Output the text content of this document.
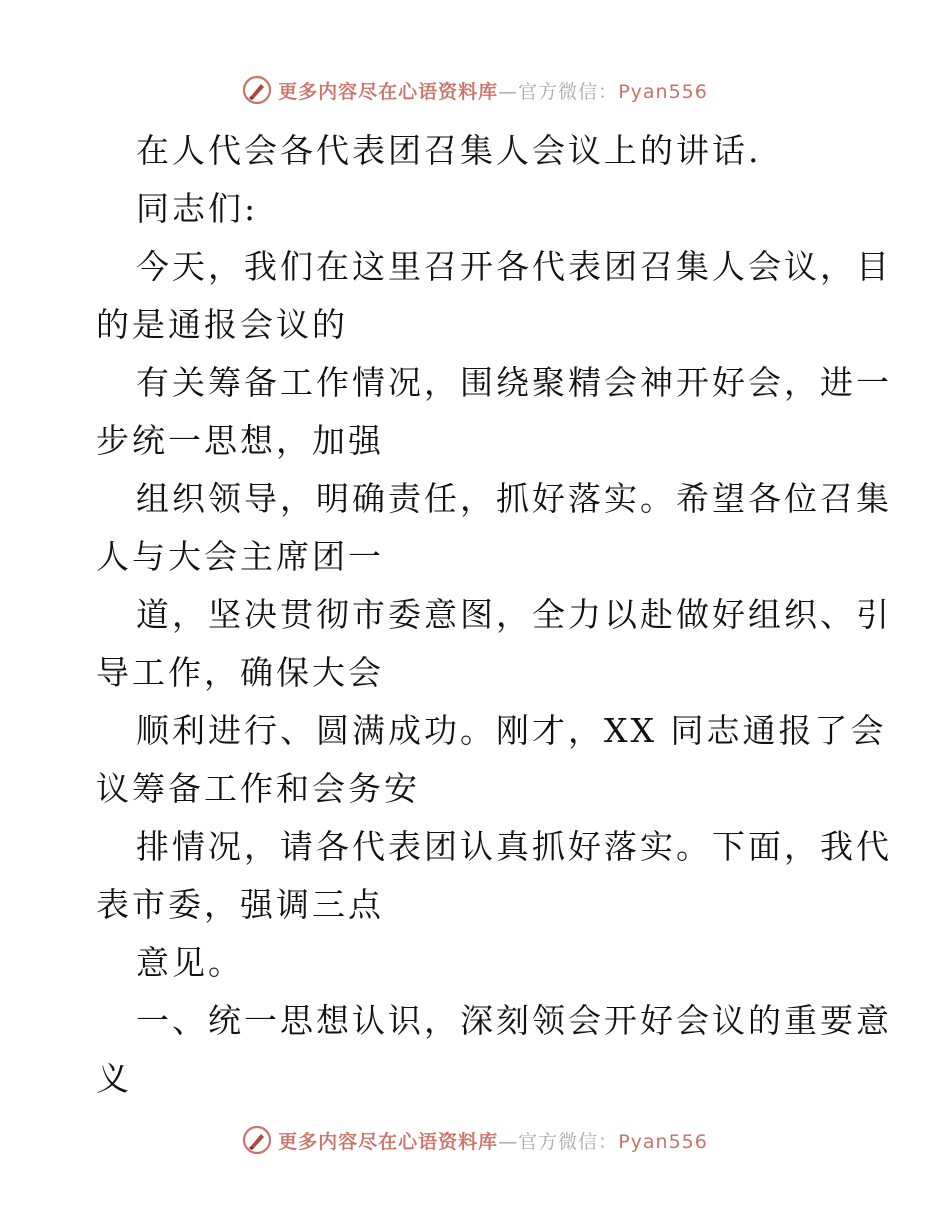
更多内容尽在心语资料库—官方微信：Pyan556
在人代会各代表团召集人会议上的讲话.
同志们:
今天，我们在这里召开各代表团召集人会议，目
的是通报会议的
有关筹备工作情况，围绕聚精会神开好会，进一
步统一思想，加强
组织领导，明确责任，抓好落实。希望各位召集
人与大会主席团一
道，坚决贯彻市委意图，全力以赴做好组织、引
导工作，确保大会
顺利进行、圆满成功。刚才，XX 同志通报了会
议筹备工作和会务安
排情况，请各代表团认真抓好落实。下面，我代
表市委，强调三点
意见。
一、统一思想认识，深刻领会开好会议的重要意
义
更多内容尽在心语资料库—官方微信：Pyan556
